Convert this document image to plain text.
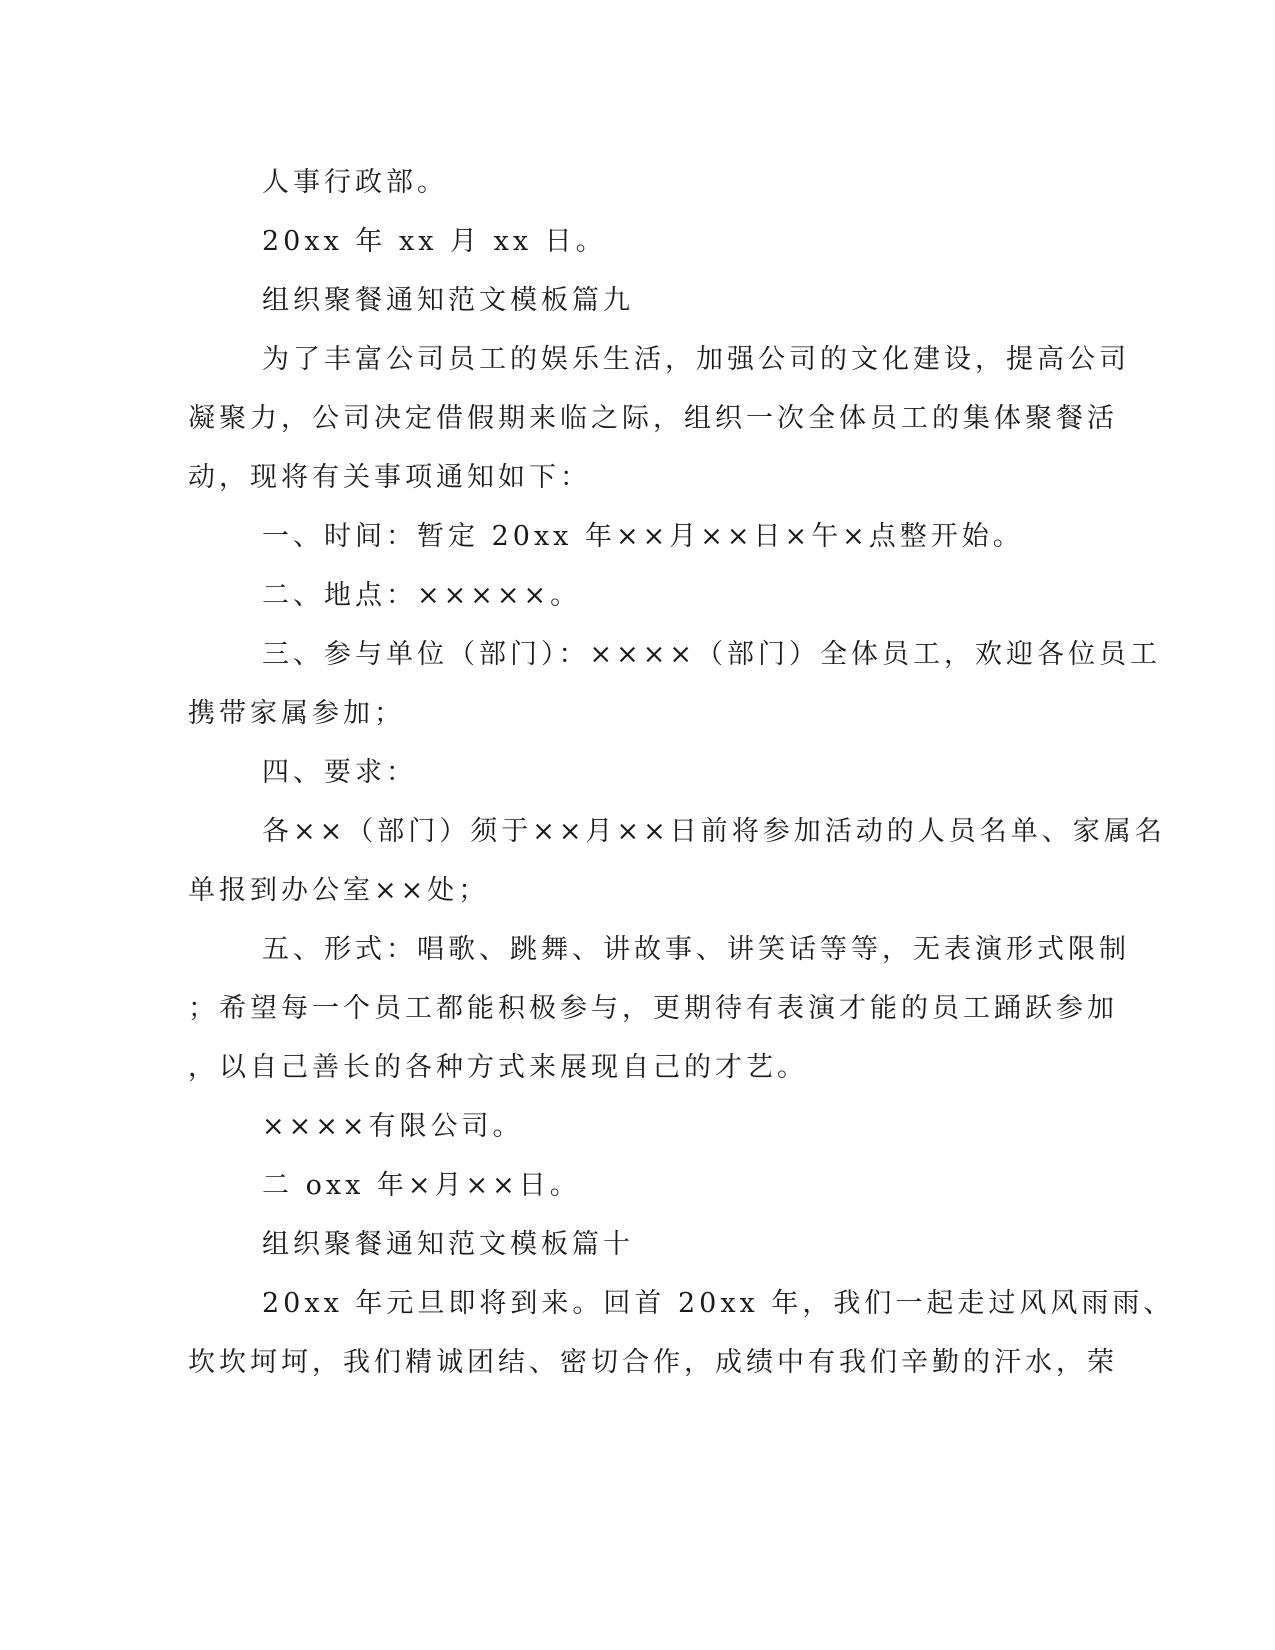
人事行政部。
20xx 年 xx 月 xx 日。
组织聚餐通知范文模板篇九
为了丰富公司员工的娱乐生活，加强公司的文化建设，提高公司
凝聚力，公司决定借假期来临之际，组织一次全体员工的集体聚餐活
动，现将有关事项通知如下：
一、时间：暂定 20xx 年××月××日×午×点整开始。
二、地点：×××××。
三、参与单位（部门）：××××（部门）全体员工，欢迎各位员工
携带家属参加；
四、要求：
各××（部门）须于××月××日前将参加活动的人员名单、家属名
单报到办公室××处；
五、形式：唱歌、跳舞、讲故事、讲笑话等等，无表演形式限制
；希望每一个员工都能积极参与，更期待有表演才能的员工踊跃参加
，以自己善长的各种方式来展现自己的才艺。
××××有限公司。
二 oxx 年×月××日。
组织聚餐通知范文模板篇十
20xx 年元旦即将到来。回首 20xx 年，我们一起走过风风雨雨、
坎坎坷坷，我们精诚团结、密切合作，成绩中有我们辛勤的汗水，荣
